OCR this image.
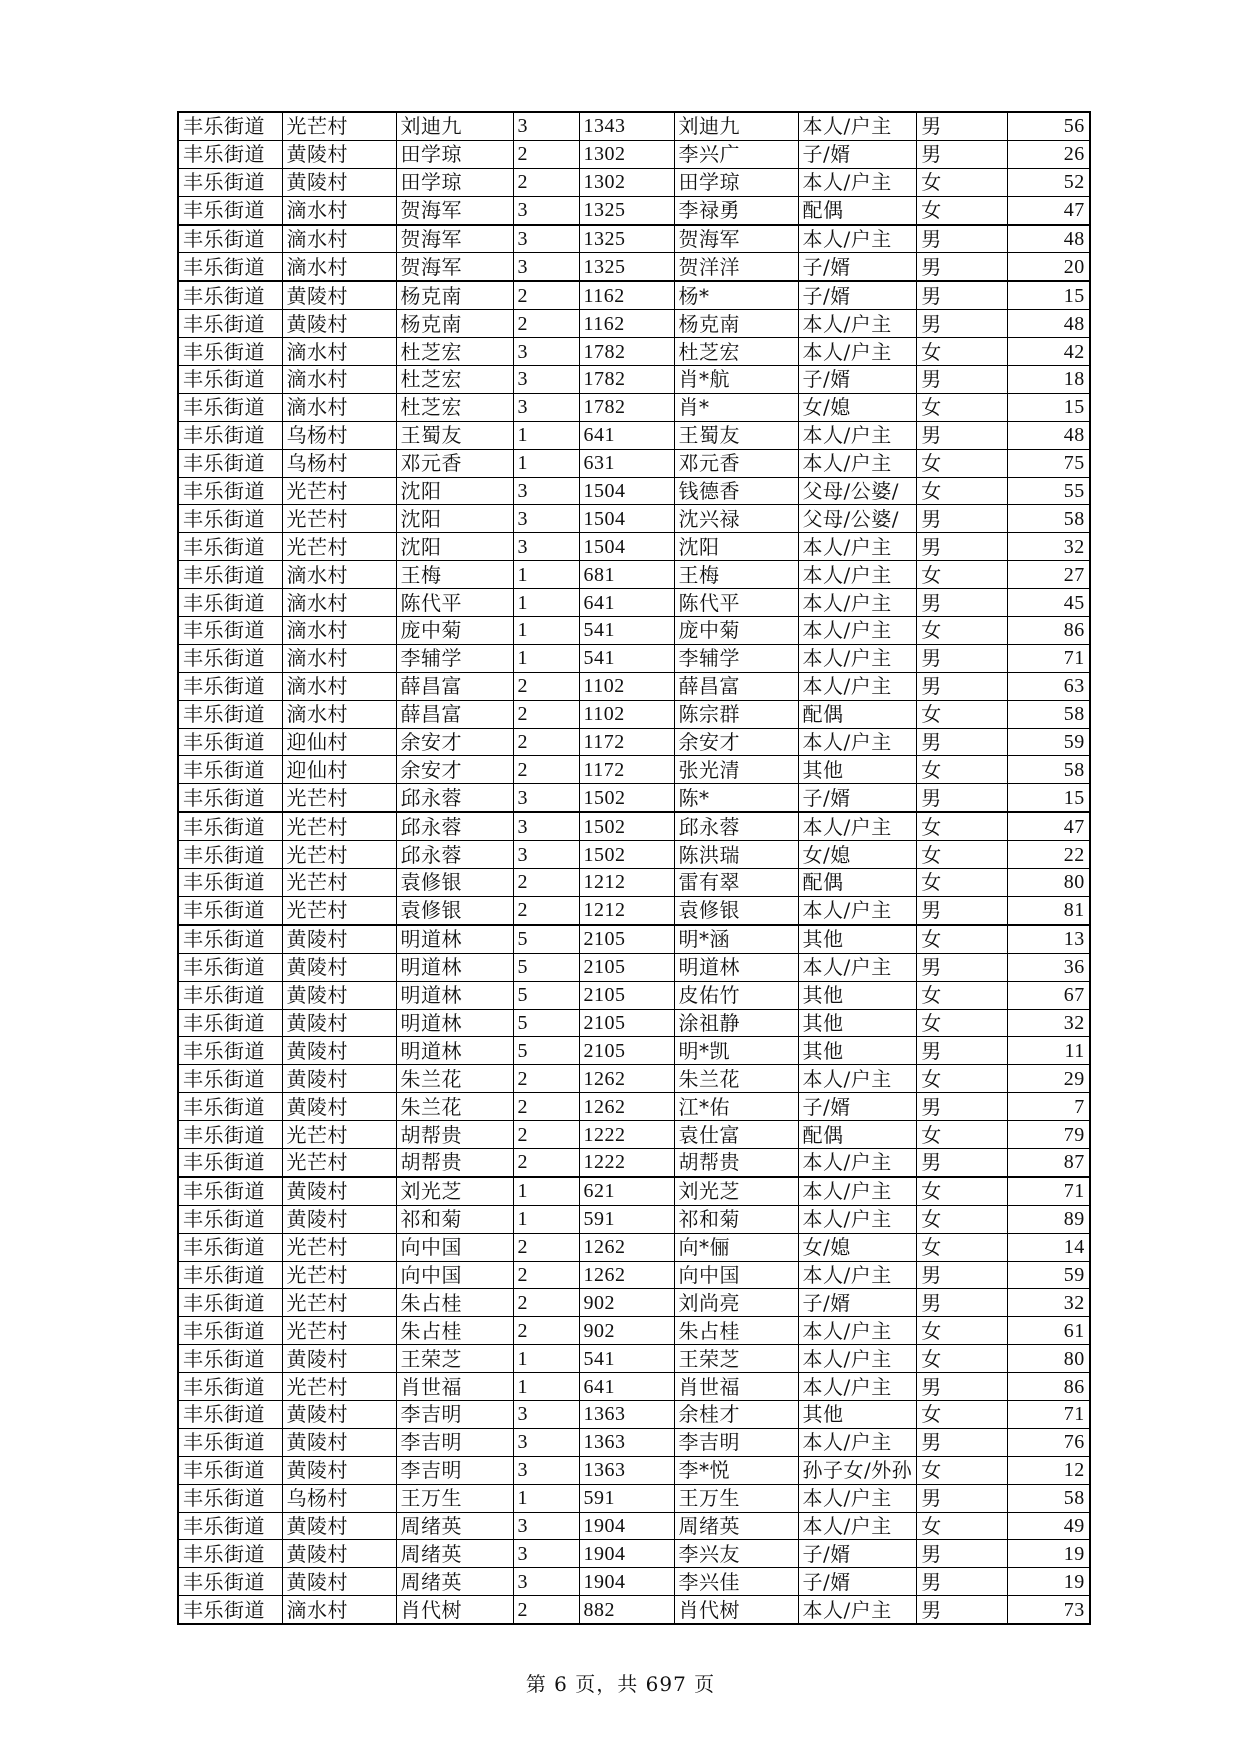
丰乐街道	光芒村	刘迪九	3	1343	刘迪九	本人/户主	男	56
丰乐街道	黄陵村	田学琼	2	1302	李兴广	子/婿	男	26
丰乐街道	黄陵村	田学琼	2	1302	田学琼	本人/户主	女	52
丰乐街道	滴水村	贺海军	3	1325	李禄勇	配偶	女	47
丰乐街道	滴水村	贺海军	3	1325	贺海军	本人/户主	男	48
丰乐街道	滴水村	贺海军	3	1325	贺洋洋	子/婿	男	20
丰乐街道	黄陵村	杨克南	2	1162	杨*	子/婿	男	15
丰乐街道	黄陵村	杨克南	2	1162	杨克南	本人/户主	男	48
丰乐街道	滴水村	杜芝宏	3	1782	杜芝宏	本人/户主	女	42
丰乐街道	滴水村	杜芝宏	3	1782	肖*航	子/婿	男	18
丰乐街道	滴水村	杜芝宏	3	1782	肖*	女/媳	女	15
丰乐街道	乌杨村	王蜀友	1	641	王蜀友	本人/户主	男	48
丰乐街道	乌杨村	邓元香	1	631	邓元香	本人/户主	女	75
丰乐街道	光芒村	沈阳	3	1504	钱德香	父母/公婆/	女	55
丰乐街道	光芒村	沈阳	3	1504	沈兴禄	父母/公婆/	男	58
丰乐街道	光芒村	沈阳	3	1504	沈阳	本人/户主	男	32
丰乐街道	滴水村	王梅	1	681	王梅	本人/户主	女	27
丰乐街道	滴水村	陈代平	1	641	陈代平	本人/户主	男	45
丰乐街道	滴水村	庞中菊	1	541	庞中菊	本人/户主	女	86
丰乐街道	滴水村	李辅学	1	541	李辅学	本人/户主	男	71
丰乐街道	滴水村	薛昌富	2	1102	薛昌富	本人/户主	男	63
丰乐街道	滴水村	薛昌富	2	1102	陈宗群	配偶	女	58
丰乐街道	迎仙村	余安才	2	1172	余安才	本人/户主	男	59
丰乐街道	迎仙村	余安才	2	1172	张光清	其他	女	58
丰乐街道	光芒村	邱永蓉	3	1502	陈*	子/婿	男	15
丰乐街道	光芒村	邱永蓉	3	1502	邱永蓉	本人/户主	女	47
丰乐街道	光芒村	邱永蓉	3	1502	陈洪瑞	女/媳	女	22
丰乐街道	光芒村	袁修银	2	1212	雷有翠	配偶	女	80
丰乐街道	光芒村	袁修银	2	1212	袁修银	本人/户主	男	81
丰乐街道	黄陵村	明道林	5	2105	明*涵	其他	女	13
丰乐街道	黄陵村	明道林	5	2105	明道林	本人/户主	男	36
丰乐街道	黄陵村	明道林	5	2105	皮佑竹	其他	女	67
丰乐街道	黄陵村	明道林	5	2105	涂祖静	其他	女	32
丰乐街道	黄陵村	明道林	5	2105	明*凯	其他	男	11
丰乐街道	黄陵村	朱兰花	2	1262	朱兰花	本人/户主	女	29
丰乐街道	黄陵村	朱兰花	2	1262	江*佑	子/婿	男	7
丰乐街道	光芒村	胡帮贵	2	1222	袁仕富	配偶	女	79
丰乐街道	光芒村	胡帮贵	2	1222	胡帮贵	本人/户主	男	87
丰乐街道	黄陵村	刘光芝	1	621	刘光芝	本人/户主	女	71
丰乐街道	黄陵村	祁和菊	1	591	祁和菊	本人/户主	女	89
丰乐街道	光芒村	向中国	2	1262	向*俪	女/媳	女	14
丰乐街道	光芒村	向中国	2	1262	向中国	本人/户主	男	59
丰乐街道	光芒村	朱占桂	2	902	刘尚亮	子/婿	男	32
丰乐街道	光芒村	朱占桂	2	902	朱占桂	本人/户主	女	61
丰乐街道	黄陵村	王荣芝	1	541	王荣芝	本人/户主	女	80
丰乐街道	光芒村	肖世福	1	641	肖世福	本人/户主	男	86
丰乐街道	黄陵村	李吉明	3	1363	余桂才	其他	女	71
丰乐街道	黄陵村	李吉明	3	1363	李吉明	本人/户主	男	76
丰乐街道	黄陵村	李吉明	3	1363	李*悦	孙子女/外孙	女	12
丰乐街道	乌杨村	王万生	1	591	王万生	本人/户主	男	58
丰乐街道	黄陵村	周绪英	3	1904	周绪英	本人/户主	女	49
丰乐街道	黄陵村	周绪英	3	1904	李兴友	子/婿	男	19
丰乐街道	黄陵村	周绪英	3	1904	李兴佳	子/婿	男	19
丰乐街道	滴水村	肖代树	2	882	肖代树	本人/户主	男	73
第 6 页，共 697 页
